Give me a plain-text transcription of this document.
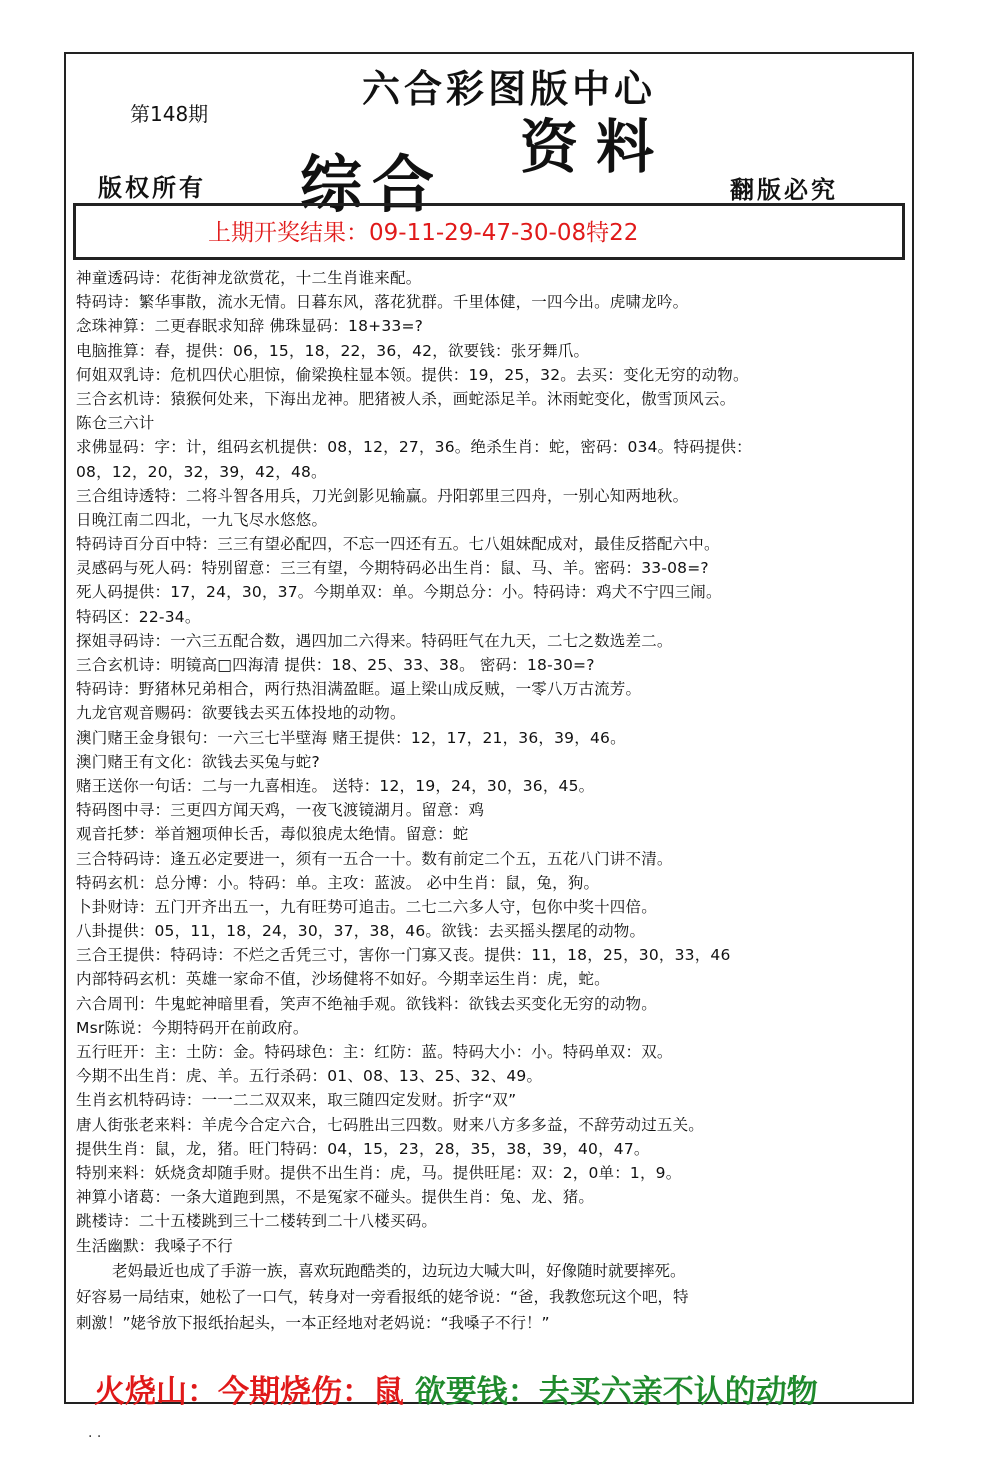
第148期
六合彩图版中心
综合
资料
版权所有	翻版必究
上期开奖结果：09-11-29-47-30-08特22
神童透码诗：花街神龙欲赏花，十二生肖谁来配。
特码诗：繁华事散，流水无情。日暮东风，落花犹群。千里体健，一四今出。虎啸龙吟。
念珠神算：二更春眠求知辞 佛珠显码：18+33=?
电脑推算：春，提供：06，15，18，22，36，42，欲要钱：张牙舞爪。
何姐双乳诗：危机四伏心胆惊，偷梁换柱显本领。提供：19，25，32。去买：变化无穷的动物。
三合玄机诗：猿猴何处来，下海出龙神。肥猪被人杀，画蛇添足羊。沐雨蛇变化，傲雪顶风云。
陈仓三六计
求佛显码：字：计，组码玄机提供：08，12，27，36。绝杀生肖：蛇，密码：034。特码提供：
08，12，20，32，39，42，48。
三合组诗透特：二将斗智各用兵，刀光剑影见输赢。丹阳郭里三四舟，一别心知两地秋。
日晚江南二四北，一九飞尽水悠悠。
特码诗百分百中特：三三有望必配四，不忘一四还有五。七八姐妹配成对，最佳反搭配六中。
灵感码与死人码：特别留意：三三有望，今期特码必出生肖：鼠、马、羊。密码：33-08=?
死人码提供：17，24，30，37。今期单双：单。今期总分：小。特码诗：鸡犬不宁四三闹。
特码区：22-34。
探姐寻码诗：一六三五配合数，遇四加二六得来。特码旺气在九天，二七之数选差二。
三合玄机诗：明镜高□四海清 提供：18、25、33、38。 密码：18-30=?
特码诗：野猪林兄弟相合，两行热泪满盈眶。逼上梁山成反贼，一零八万古流芳。
九龙官观音赐码：欲要钱去买五体投地的动物。
澳门赌王金身银句：一六三七半壁海 赌王提供：12，17，21，36，39，46。
澳门赌王有文化：欲钱去买兔与蛇?
赌王送你一句话：二与一九喜相连。 送特：12，19，24，30，36，45。
特码图中寻：三更四方闻天鸡，一夜飞渡镜湖月。留意：鸡
观音托梦：举首翘项伸长舌，毒似狼虎太绝情。留意：蛇
三合特码诗：逢五必定要进一，须有一五合一十。数有前定二个五，五花八门讲不清。
特码玄机：总分博：小。特码：单。主攻：蓝波。 必中生肖：鼠，兔，狗。
卜卦财诗：五门开齐出五一，九有旺势可追击。二七二六多人守，包你中奖十四倍。
八卦提供：05，11，18，24，30，37，38，46。欲钱：去买摇头摆尾的动物。
三合王提供：特码诗：不烂之舌凭三寸，害你一门寡又丧。提供：11，18，25，30，33，46
内部特码玄机：英雄一家命不值，沙场健将不如好。今期幸运生肖：虎，蛇。
六合周刊：牛鬼蛇神暗里看，笑声不绝袖手观。欲钱料：欲钱去买变化无穷的动物。
Msr陈说：今期特码开在前政府。
五行旺开：主：土防：金。特码球色：主：红防：蓝。特码大小：小。特码单双：双。
今期不出生肖：虎、羊。五行杀码：01、08、13、25、32、49。
生肖玄机特码诗：一一二二双双来，取三随四定发财。折字“双”
唐人街张老来料：羊虎今合定六合，七码胜出三四数。财来八方多多益，不辞劳动过五关。
提供生肖：鼠，龙，猪。旺门特码：04，15，23，28，35，38，39，40，47。
特别来料：妖烧贪却随手财。提供不出生肖：虎，马。提供旺尾：双：2，0单：1，9。
神算小诸葛：一条大道跑到黑，不是冤家不碰头。提供生肖：兔、龙、猪。
跳楼诗：二十五楼跳到三十二楼转到二十八楼买码。
生活幽默：我嗓子不行
老妈最近也成了手游一族，喜欢玩跑酷类的，边玩边大喊大叫，好像随时就要摔死。
好容易一局结束，她松了一口气，转身对一旁看报纸的姥爷说：“爸，我教您玩这个吧，特
刺激！”姥爷放下报纸抬起头，一本正经地对老妈说：“我嗓子不行！”
火烧山：今期烧伤：鼠 欲要钱：去买六亲不认的动物
. .
